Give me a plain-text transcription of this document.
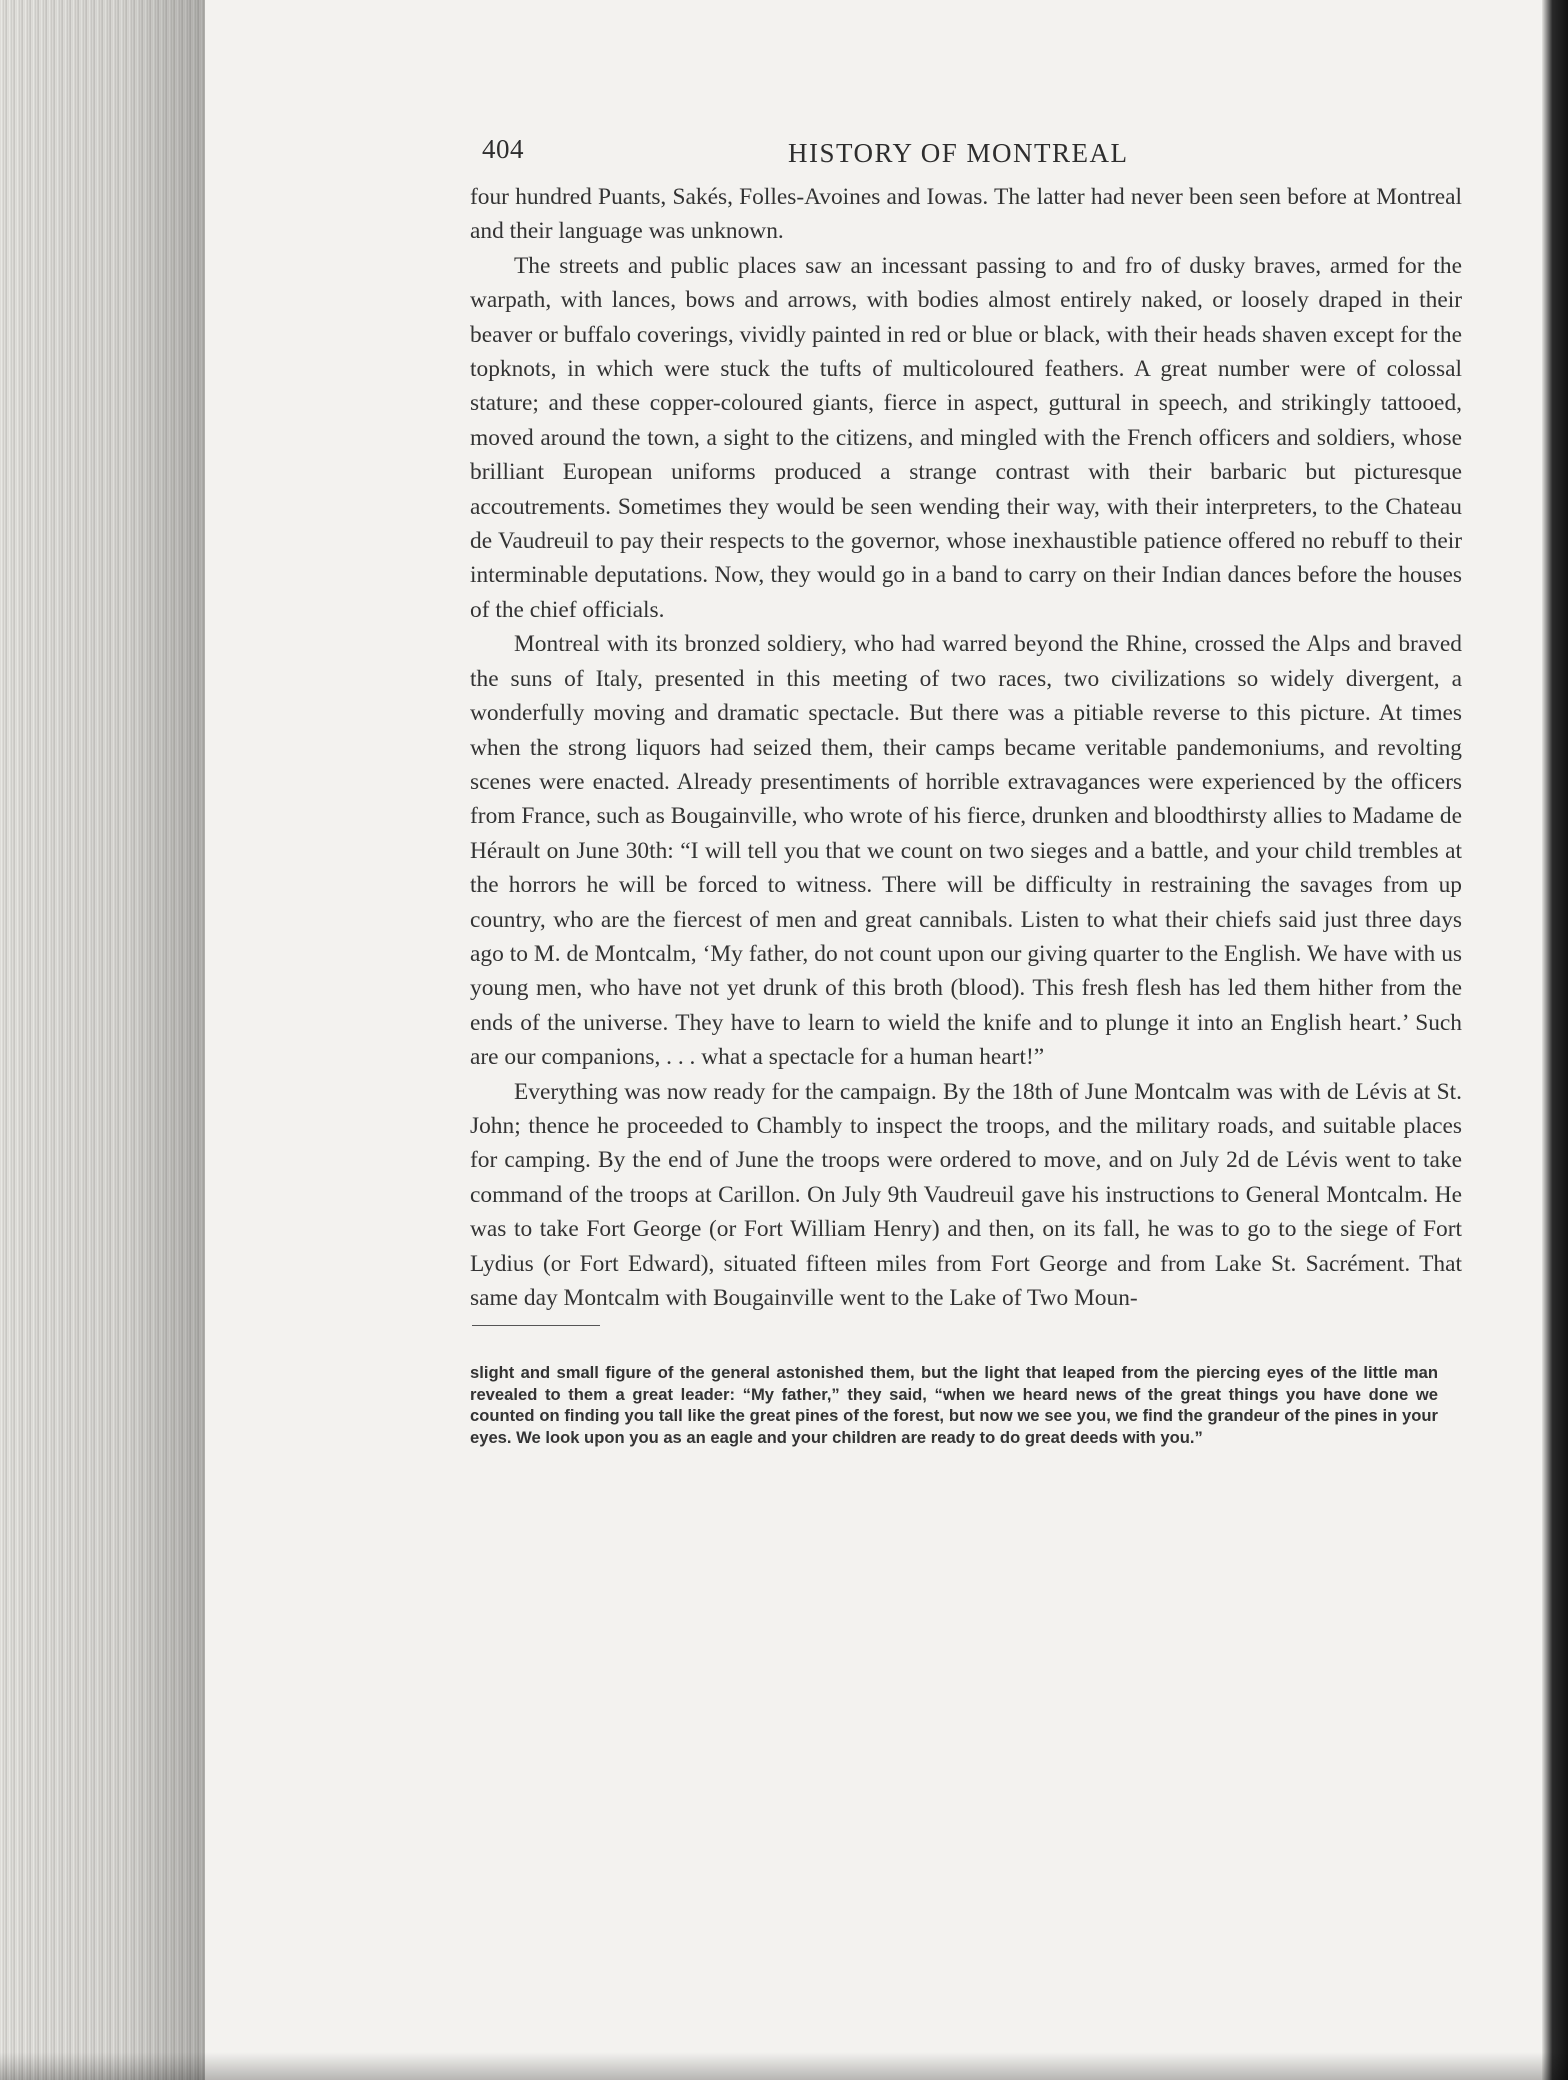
404	HISTORY OF MONTREAL

four hundred Puants, Sakés, Folles-Avoines and Iowas. The latter had never been seen before at Montreal and their language was unknown.

The streets and public places saw an incessant passing to and fro of dusky braves, armed for the warpath, with lances, bows and arrows, with bodies almost entirely naked, or loosely draped in their beaver or buffalo coverings, vividly painted in red or blue or black, with their heads shaven except for the topknots, in which were stuck the tufts of multicoloured feathers. A great number were of colossal stature; and these copper-coloured giants, fierce in aspect, guttural in speech, and strikingly tattooed, moved around the town, a sight to the citizens, and mingled with the French officers and soldiers, whose brilliant European uniforms produced a strange contrast with their barbaric but picturesque accoutrements. Sometimes they would be seen wending their way, with their interpreters, to the Chateau de Vaudreuil to pay their respects to the governor, whose inexhaustible patience offered no rebuff to their interminable deputations. Now, they would go in a band to carry on their Indian dances before the houses of the chief officials.

Montreal with its bronzed soldiery, who had warred beyond the Rhine, crossed the Alps and braved the suns of Italy, presented in this meeting of two races, two civilizations so widely divergent, a wonderfully moving and dramatic spectacle. But there was a pitiable reverse to this picture. At times when the strong liquors had seized them, their camps became veritable pandemoniums, and revolting scenes were enacted. Already presentiments of horrible extravagances were experienced by the officers from France, such as Bougainville, who wrote of his fierce, drunken and bloodthirsty allies to Madame de Hérault on June 30th: “I will tell you that we count on two sieges and a battle, and your child trembles at the horrors he will be forced to witness. There will be difficulty in restraining the savages from up country, who are the fiercest of men and great cannibals. Listen to what their chiefs said just three days ago to M. de Montcalm, ‘My father, do not count upon our giving quarter to the English. We have with us young men, who have not yet drunk of this broth (blood). This fresh flesh has led them hither from the ends of the universe. They have to learn to wield the knife and to plunge it into an English heart.’ Such are our companions, . . . what a spectacle for a human heart!”

Everything was now ready for the campaign. By the 18th of June Montcalm was with de Lévis at St. John; thence he proceeded to Chambly to inspect the troops, and the military roads, and suitable places for camping. By the end of June the troops were ordered to move, and on July 2d de Lévis went to take command of the troops at Carillon. On July 9th Vaudreuil gave his instructions to General Montcalm. He was to take Fort George (or Fort William Henry) and then, on its fall, he was to go to the siege of Fort Lydius (or Fort Edward), situated fifteen miles from Fort George and from Lake St. Sacrément. That same day Montcalm with Bougainville went to the Lake of Two Moun-

slight and small figure of the general astonished them, but the light that leaped from the piercing eyes of the little man revealed to them a great leader: “My father,” they said, “when we heard news of the great things you have done we counted on finding you tall like the great pines of the forest, but now we see you, we find the grandeur of the pines in your eyes. We look upon you as an eagle and your children are ready to do great deeds with you.”
